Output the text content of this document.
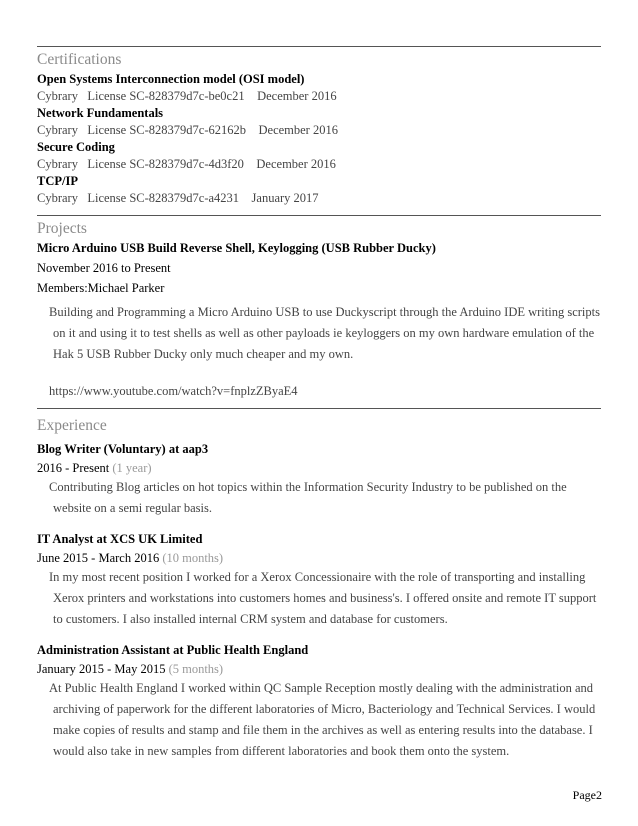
Certifications
Open Systems Interconnection model (OSI model)
Cybrary   License SC-828379d7c-be0c21    December 2016
Network Fundamentals
Cybrary   License SC-828379d7c-62162b    December 2016
Secure Coding
Cybrary   License SC-828379d7c-4d3f20    December 2016
TCP/IP
Cybrary   License SC-828379d7c-a4231    January 2017
Projects
Micro Arduino USB Build Reverse Shell, Keylogging (USB Rubber Ducky)
November 2016 to Present
Members:Michael Parker

Building and Programming a Micro Arduino USB to use Duckyscript through the Arduino IDE writing scripts on it and using it to test shells as well as other payloads ie keyloggers on my own hardware emulation of the Hak 5 USB Rubber Ducky only much cheaper and my own.

https://www.youtube.com/watch?v=fnplzZByaE4

Experience
Blog Writer (Voluntary) at aap3
2016 - Present (1 year)

Contributing Blog articles on hot topics within the Information Security Industry to be published on the website on a semi regular basis.

IT Analyst at XCS UK Limited
June 2015 - March 2016 (10 months)

In my most recent position I worked for a Xerox Concessionaire with the role of transporting and installing Xerox printers and workstations into customers homes and business's. I offered onsite and remote IT support to customers. I also installed internal CRM system and database for customers.

Administration Assistant at Public Health England
January 2015 - May 2015 (5 months)

At Public Health England I worked within QC Sample Reception mostly dealing with the administration and archiving of paperwork for the different laboratories of Micro, Bacteriology and Technical Services. I would make copies of results and stamp and file them in the archives as well as entering results into the database. I would also take in new samples from different laboratories and book them onto the system.

Page2
